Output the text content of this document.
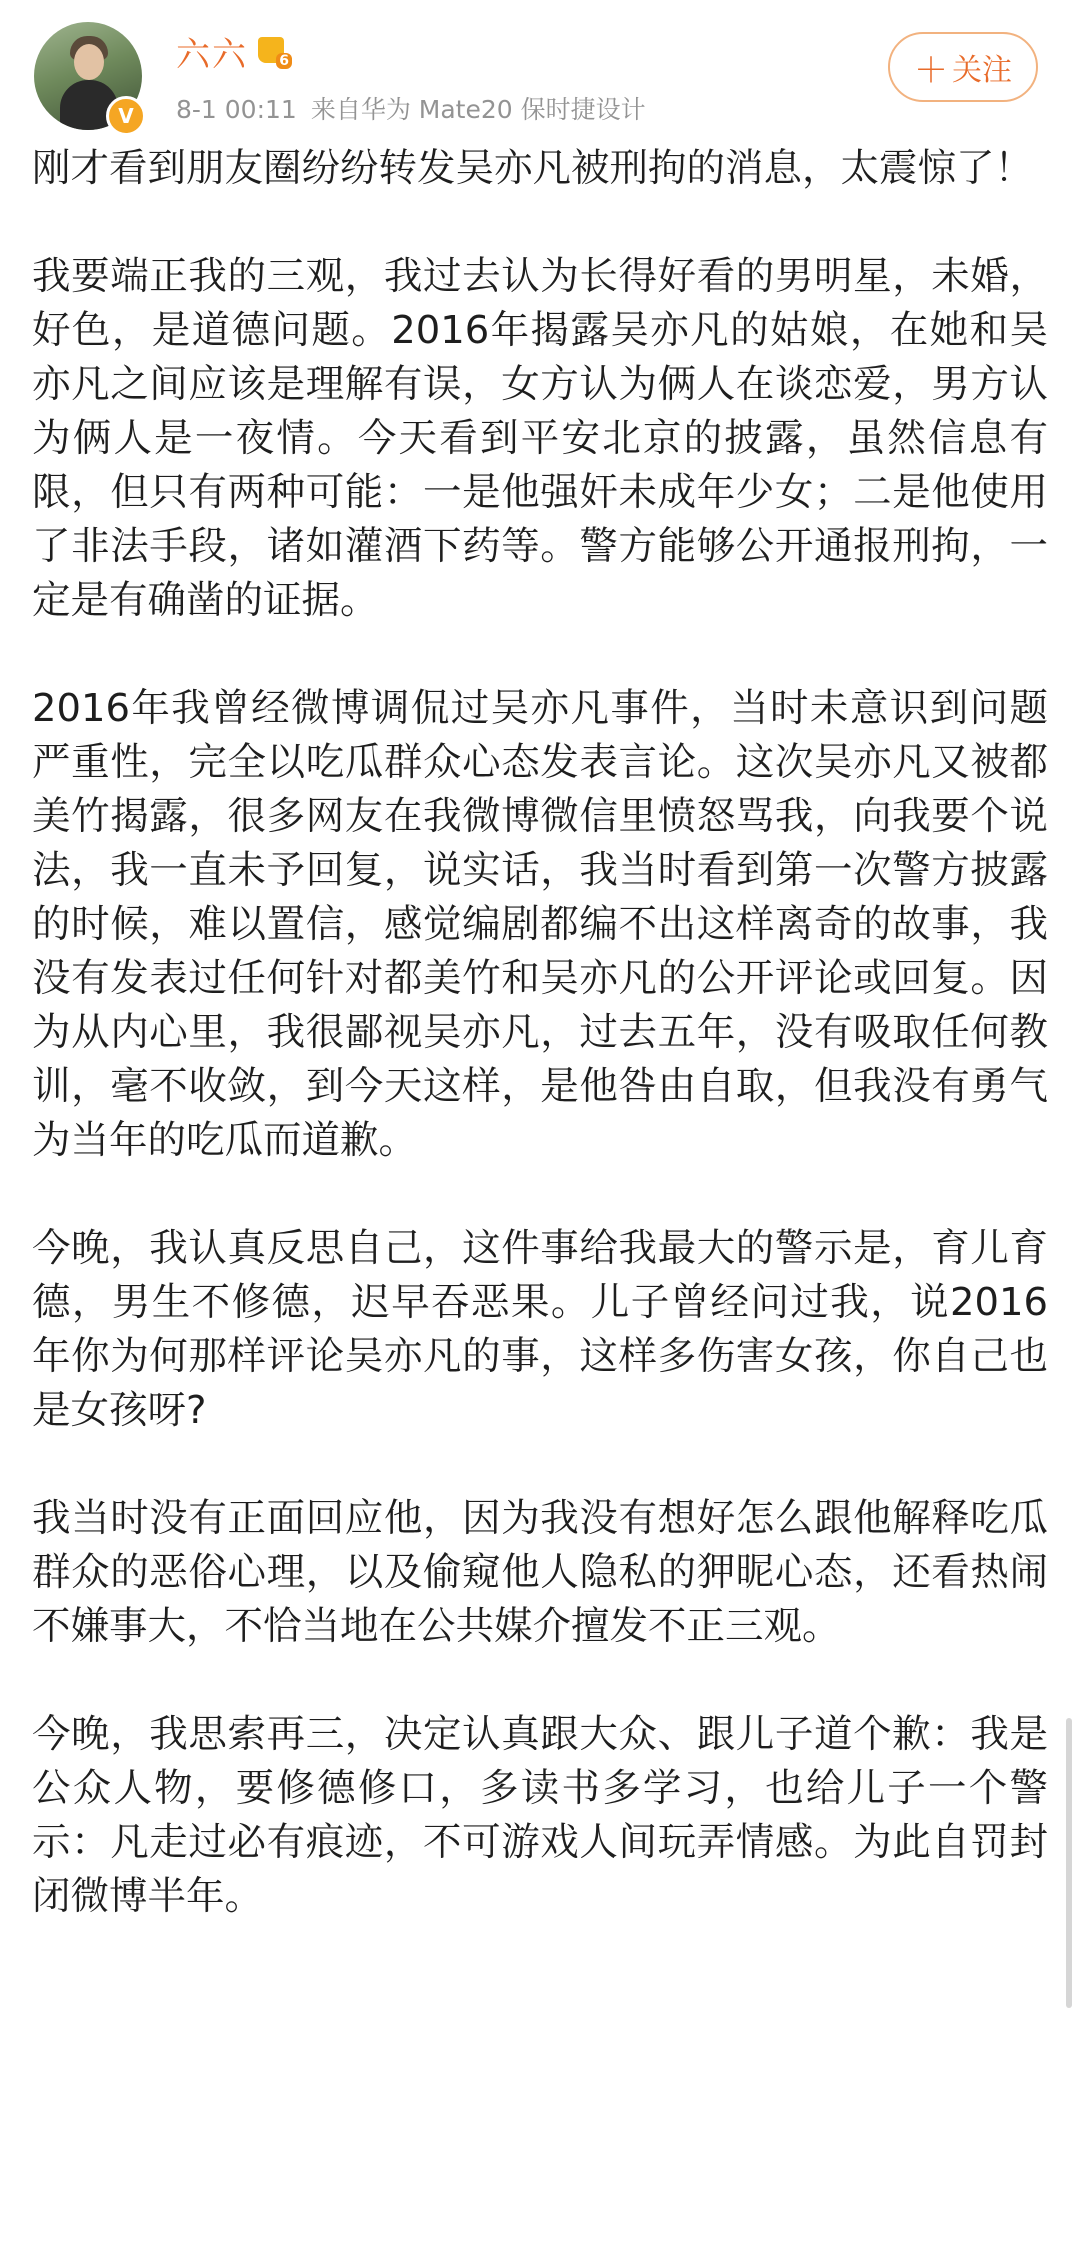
V
六六 6
8-1 00:11 来自华为 Mate20 保时捷设计
＋ 关注

刚才看到朋友圈纷纷转发吴亦凡被刑拘的消息，太震惊了！

我要端正我的三观，我过去认为长得好看的男明星，未婚，好色，是道德问题。2016年揭露吴亦凡的姑娘，在她和吴亦凡之间应该是理解有误，女方认为俩人在谈恋爱，男方认为俩人是一夜情。今天看到平安北京的披露，虽然信息有限，但只有两种可能：一是他强奸未成年少女；二是他使用了非法手段，诸如灌酒下药等。警方能够公开通报刑拘，一定是有确凿的证据。

2016年我曾经微博调侃过吴亦凡事件，当时未意识到问题严重性，完全以吃瓜群众心态发表言论。这次吴亦凡又被都美竹揭露，很多网友在我微博微信里愤怒骂我，向我要个说法，我一直未予回复，说实话，我当时看到第一次警方披露的时候，难以置信，感觉编剧都编不出这样离奇的故事，我没有发表过任何针对都美竹和吴亦凡的公开评论或回复。因为从内心里，我很鄙视吴亦凡，过去五年，没有吸取任何教训，毫不收敛，到今天这样，是他咎由自取，但我没有勇气为当年的吃瓜而道歉。

今晚，我认真反思自己，这件事给我最大的警示是，育儿育德，男生不修德，迟早吞恶果。儿子曾经问过我，说2016年你为何那样评论吴亦凡的事，这样多伤害女孩，你自己也是女孩呀?

我当时没有正面回应他，因为我没有想好怎么跟他解释吃瓜群众的恶俗心理，以及偷窥他人隐私的狎昵心态，还看热闹不嫌事大，不恰当地在公共媒介擅发不正三观。

今晚，我思索再三，决定认真跟大众、跟儿子道个歉：我是公众人物，要修德修口，多读书多学习，也给儿子一个警示：凡走过必有痕迹，不可游戏人间玩弄情感。为此自罚封闭微博半年。
